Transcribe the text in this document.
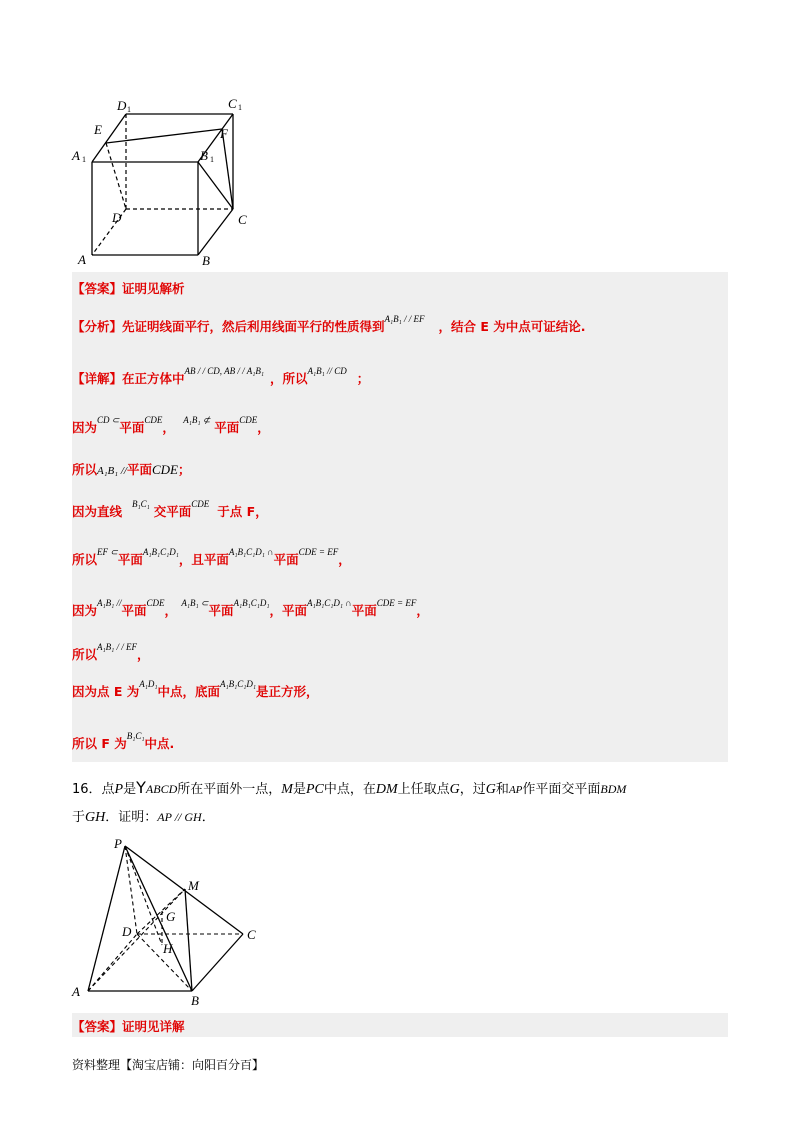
D 1	C 1
E	F
A 1	B 1
D	C
A	B
【答案】证明见解析
【分析】先证明线面平行，然后利用线面平行的性质得到$^{A_1B_1 / / EF}$ ，结合 E 为中点可证结论.
【详解】在正方体中$^{AB / / CD, AB / / A_1B_1}$ ，所以$^{A_1B_1 // CD}$ ；
因为$^{CD \subset}$平面$^{CDE}$， $^{A_1B_1 ⊄}$ 平面$^{CDE}$，
所以A₁B₁ //平面CDE；
因为直线 $^{B_1C_1}$ 交平面$^{CDE}$ 于点 F，
所以$^{EF \subset}$平面$^{A_1B_1C_1D_1}$，且平面$^{A_1B_1C_1D_1 \cap}$平面$^{CDE = EF}$，
因为$^{A_1B_1 //}$平面$^{CDE}$， $^{A_1B_1 \subset}$平面$^{A_1B_1C_1D_1}$，平面$^{A_1B_1C_1D_1 \cap}$平面$^{CDE = EF}$，
所以$^{A_1B_1 / / EF}$，
因为点 E 为$^{A_1D_1}$中点，底面$^{A_1B_1C_1D_1}$是正方形，
所以 F 为$^{B_1C_1}$中点.
16．点P是YABCD所在平面外一点，M是PC中点，在DM上任取点G，过G和AP作平面交平面BDM
于GH．证明：AP // GH．
P
M
G
D
H
C
A
B
【答案】证明见详解
资料整理【淘宝店铺：向阳百分百】
